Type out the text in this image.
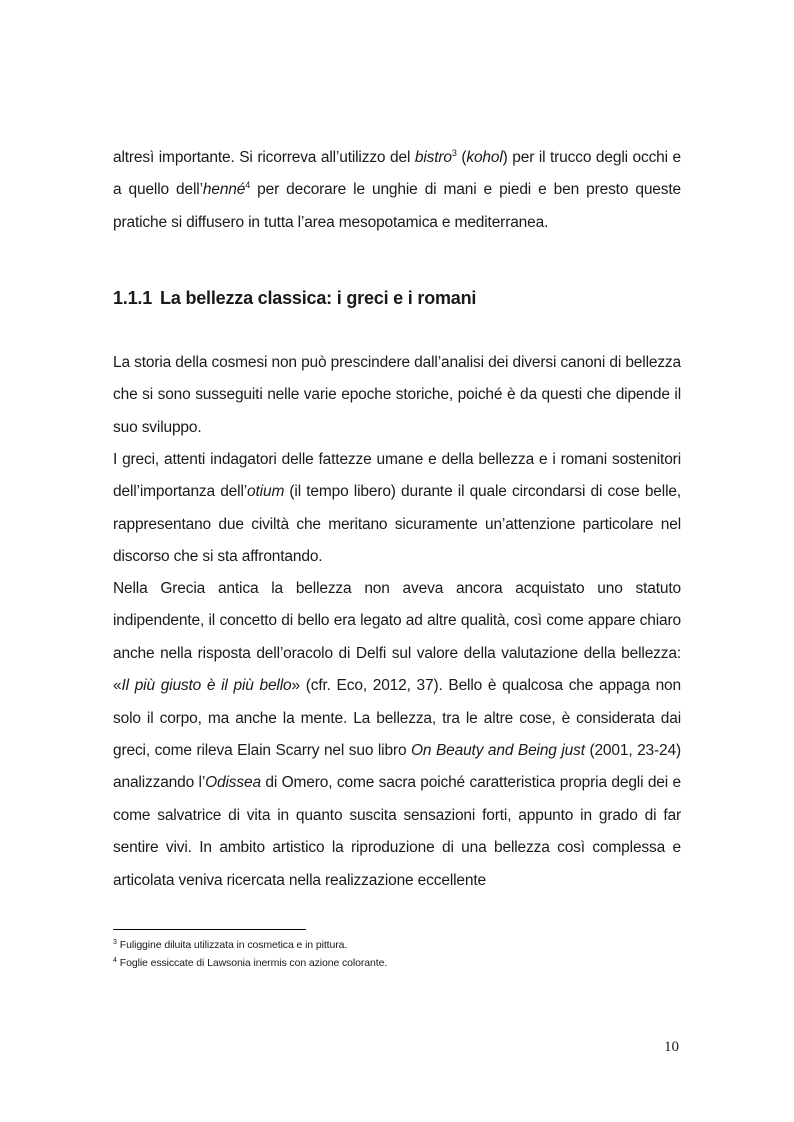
altresì importante. Si ricorreva all’utilizzo del bistro$^3$ (kohol) per il trucco degli occhi e a quello dell’henné$^4$ per decorare le unghie di mani e piedi e ben presto queste pratiche si diffusero in tutta l’area mesopotamica e mediterranea.

1.1.1 La bellezza classica: i greci e i romani

La storia della cosmesi non può prescindere dall’analisi dei diversi canoni di bellezza che si sono susseguiti nelle varie epoche storiche, poiché è da questi che dipende il suo sviluppo.

I greci, attenti indagatori delle fattezze umane e della bellezza e i romani sostenitori dell’importanza dell’otium (il tempo libero) durante il quale circondarsi di cose belle, rappresentano due civiltà che meritano sicuramente un’attenzione particolare nel discorso che si sta affrontando.

Nella Grecia antica la bellezza non aveva ancora acquistato uno statuto indipendente, il concetto di bello era legato ad altre qualità, così come appare chiaro anche nella risposta dell’oracolo di Delfi sul valore della valutazione della bellezza: «Il più giusto è il più bello» (cfr. Eco, 2012, 37). Bello è qualcosa che appaga non solo il corpo, ma anche la mente. La bellezza, tra le altre cose, è considerata dai greci, come rileva Elain Scarry nel suo libro On Beauty and Being just (2001, 23-24) analizzando l’Odissea di Omero, come sacra poiché caratteristica propria degli dei e come salvatrice di vita in quanto suscita sensazioni forti, appunto in grado di far sentire vivi. In ambito artistico la riproduzione di una bellezza così complessa e articolata veniva ricercata nella realizzazione eccellente

$^3$ Fuliggine diluita utilizzata in cosmetica e in pittura.
$^4$ Foglie essiccate di Lawsonia inermis con azione colorante.
10
